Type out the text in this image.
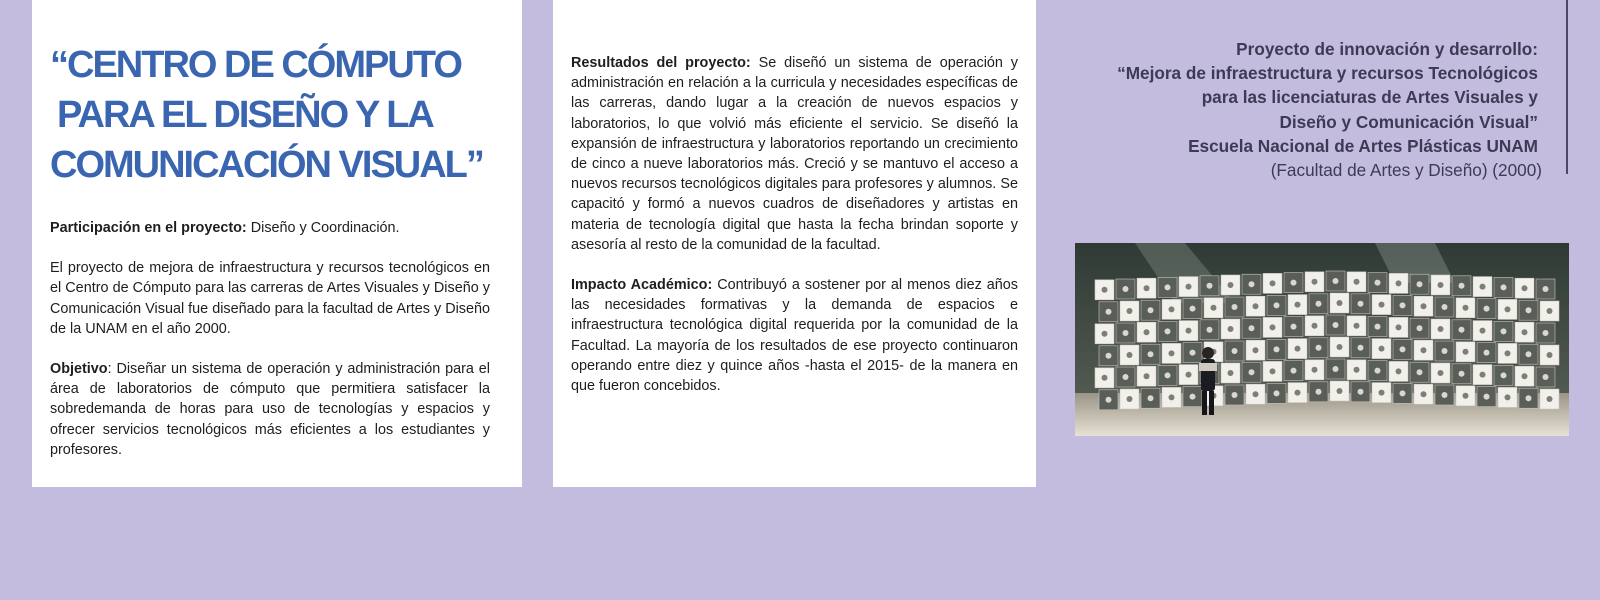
“CENTRO DE CÓMPUTO
PARA EL DISEÑO Y LA
COMUNICACIÓN VISUAL”

Participación en el proyecto: Diseño y Coordinación.

El proyecto de mejora de infraestructura y recursos tecnológicos en el Centro de Cómputo para las carreras de Artes Visuales y Diseño y Comunicación Visual fue diseñado para la facultad de Artes y Diseño de la UNAM en el año 2000.

Objetivo: Diseñar un sistema de operación y administración para el área de laboratorios de cómputo que permitiera satisfacer la sobredemanda de horas para uso de tecnologías y espacios y ofrecer servicios tecnológicos más eficientes a los estudiantes y profesores.

Resultados del proyecto: Se diseñó un sistema de operación y administración en relación a la curricula y necesidades específicas de las carreras, dando lugar a la creación de nuevos espacios y laboratorios, lo que volvió más eficiente el servicio. Se diseñó la expansión de infraestructura y laboratorios reportando un crecimiento de cinco a nueve laboratorios más. Creció y se mantuvo el acceso a nuevos recursos tecnológicos digitales para profesores y alumnos. Se capacitó y formó a nuevos cuadros de diseñadores y artistas en materia de tecnología digital que hasta la fecha brindan soporte y asesoría al resto de la comunidad de la facultad.

Impacto Académico: Contribuyó a sostener por al menos diez años las necesidades formativas y la demanda de espacios e infraestructura tecnológica digital requerida por la comunidad de la Facultad. La mayoría de los resultados de ese proyecto continuaron operando entre diez y quince años -hasta el 2015- de la manera en que fueron concebidos.

Proyecto de innovación y desarrollo:
“Mejora de infraestructura y recursos Tecnológicos
para las licenciaturas de Artes Visuales y
Diseño y Comunicación Visual”
Escuela Nacional de Artes Plásticas UNAM
(Facultad de Artes y Diseño) (2000)
